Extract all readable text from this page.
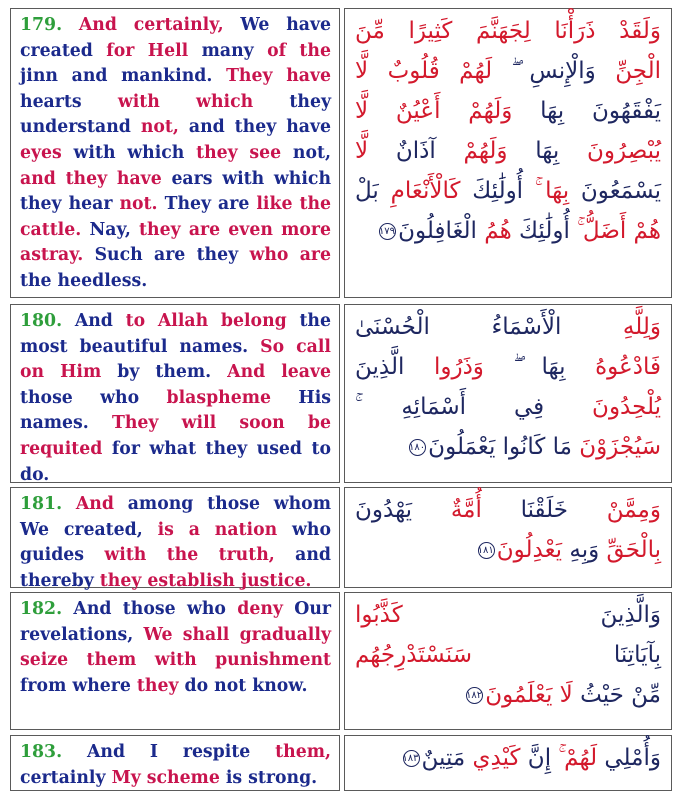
179. And certainly, We have created for Hell many of the jinn and mankind. They have hearts with which they understand not, and they have eyes with which they see not, and they have ears with which they hear not. They are like the cattle. Nay, they are even more astray. Such are they who are the heedless.

وَلَقَدْ ذَرَأْنَا لِجَهَنَّمَ كَثِيرًا مِّنَ
الْجِنِّ وَالْإِنسِ ۖ لَهُمْ قُلُوبٌ لَّا
يَفْقَهُونَ بِهَا وَلَهُمْ أَعْيُنٌ لَّا
يُبْصِرُونَ بِهَا وَلَهُمْ آذَانٌ لَّا
يَسْمَعُونَ بِهَا ۚ أُولَٰئِكَ كَالْأَنْعَامِ بَلْ
هُمْ أَضَلُّ ۚ أُولَٰئِكَ هُمُ الْغَافِلُونَ١٧٩

180. And to Allah belong the most beautiful names. So call on Him by them. And leave those who blaspheme His names. They will soon be requited for what they used to do.

وَلِلَّهِ الْأَسْمَاءُ الْحُسْنَىٰ
فَادْعُوهُ بِهَا ۖ وَذَرُوا الَّذِينَ
يُلْحِدُونَ فِي أَسْمَائِهِ ۚ
سَيُجْزَوْنَ مَا كَانُوا يَعْمَلُونَ١٨٠

181. And among those whom We created, is a nation who guides with the truth, and thereby they establish justice.

وَمِمَّنْ خَلَقْنَا أُمَّةٌ يَهْدُونَ
بِالْحَقِّ وَبِهِ يَعْدِلُونَ١٨١

182. And those who deny Our revelations, We shall gradually seize them with punishment from where they do not know.

وَالَّذِينَ كَذَّبُوا
بِآيَاتِنَا سَنَسْتَدْرِجُهُم
مِّنْ حَيْثُ لَا يَعْلَمُونَ١٨٢

183. And I respite them, certainly My scheme is strong.

وَأُمْلِي لَهُمْ ۚ إِنَّ كَيْدِي مَتِينٌ١٨٣
